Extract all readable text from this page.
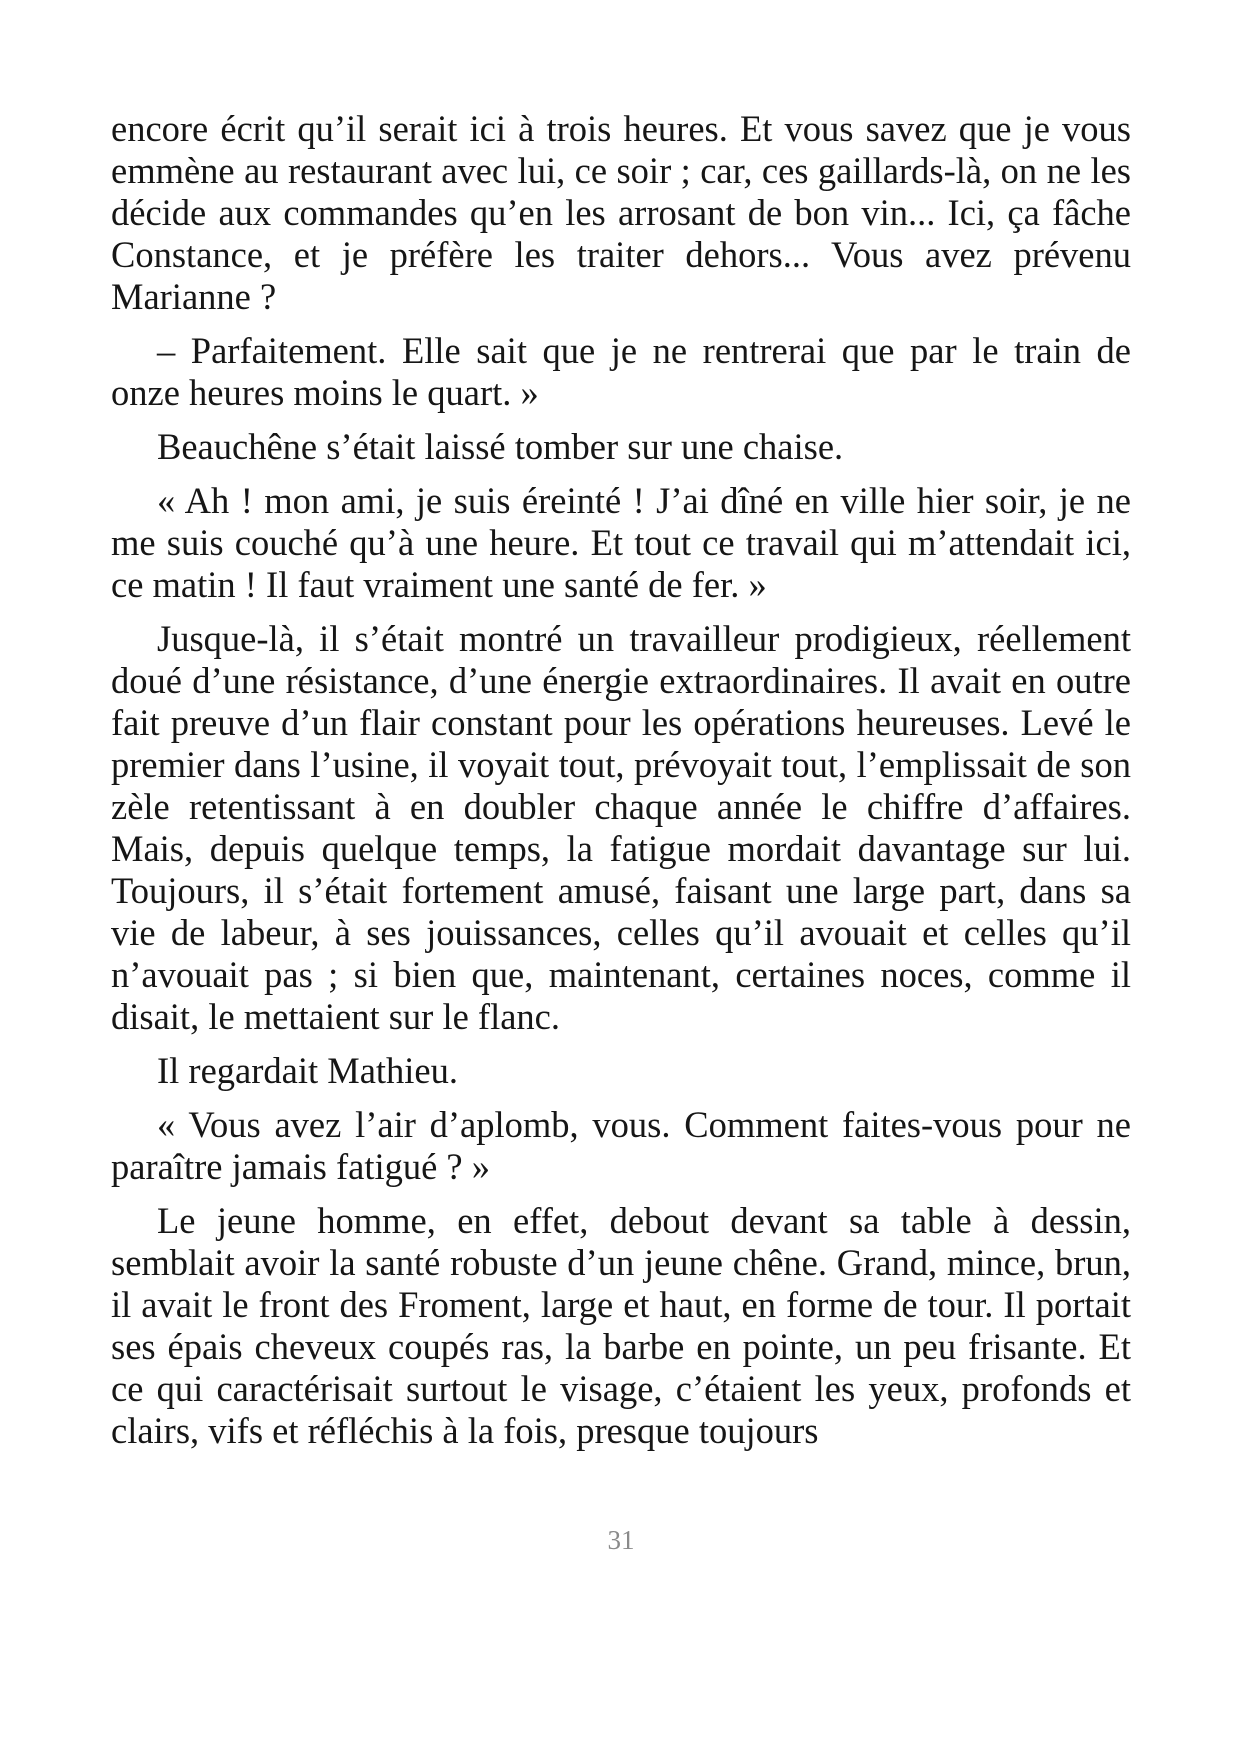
encore écrit qu’il serait ici à trois heures. Et vous savez que je vous emmène au restaurant avec lui, ce soir ; car, ces gaillards-là, on ne les décide aux commandes qu’en les arrosant de bon vin... Ici, ça fâche Constance, et je préfère les traiter dehors... Vous avez prévenu Marianne ?

– Parfaitement. Elle sait que je ne rentrerai que par le train de onze heures moins le quart. »

Beauchêne s’était laissé tomber sur une chaise.

« Ah ! mon ami, je suis éreinté ! J’ai dîné en ville hier soir, je ne me suis couché qu’à une heure. Et tout ce travail qui m’attendait ici, ce matin ! Il faut vraiment une santé de fer. »

Jusque-là, il s’était montré un travailleur prodigieux, réellement doué d’une résistance, d’une énergie extraordinaires. Il avait en outre fait preuve d’un flair constant pour les opérations heureuses. Levé le premier dans l’usine, il voyait tout, prévoyait tout, l’emplissait de son zèle retentissant à en doubler chaque année le chiffre d’affaires. Mais, depuis quelque temps, la fatigue mordait davantage sur lui. Toujours, il s’était fortement amusé, faisant une large part, dans sa vie de labeur, à ses jouissances, celles qu’il avouait et celles qu’il n’avouait pas ; si bien que, maintenant, certaines noces, comme il disait, le mettaient sur le flanc.

Il regardait Mathieu.

« Vous avez l’air d’aplomb, vous. Comment faites-vous pour ne paraître jamais fatigué ? »

Le jeune homme, en effet, debout devant sa table à dessin, semblait avoir la santé robuste d’un jeune chêne. Grand, mince, brun, il avait le front des Froment, large et haut, en forme de tour. Il portait ses épais cheveux coupés ras, la barbe en pointe, un peu frisante. Et ce qui caractérisait surtout le visage, c’étaient les yeux, profonds et clairs, vifs et réfléchis à la fois, presque toujours

31
